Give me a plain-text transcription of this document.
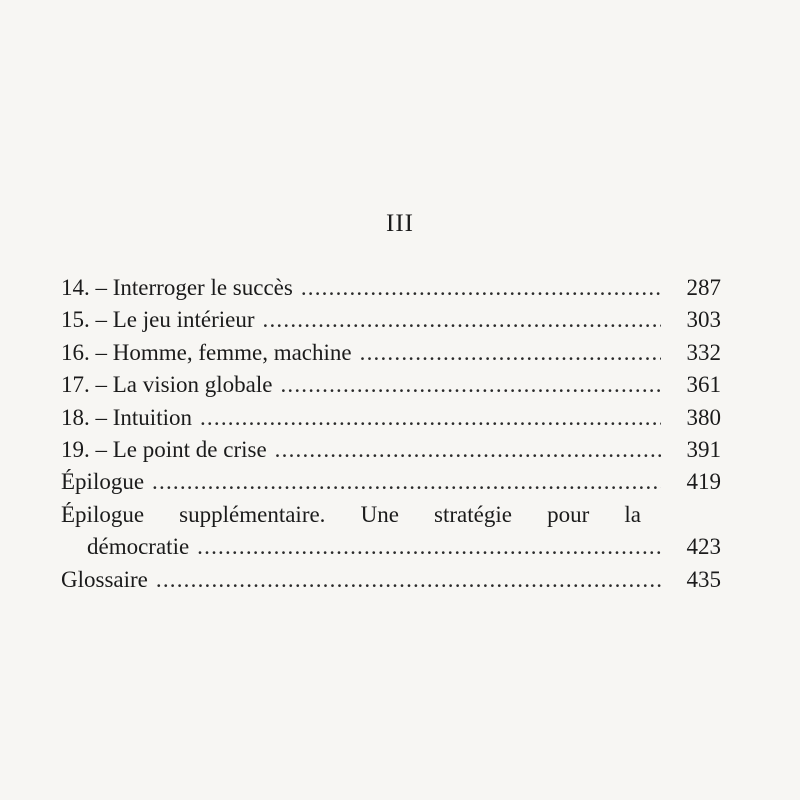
III
14. – Interroger le succès .....	287
15. – Le jeu intérieur .....	303
16. – Homme, femme, machine .....	332
17. – La vision globale .....	361
18. – Intuition .....	380
19. – Le point de crise .....	391
Épilogue .....	419
Épilogue supplémentaire. Une stratégie pour la
démocratie .....	423
Glossaire .....	435
